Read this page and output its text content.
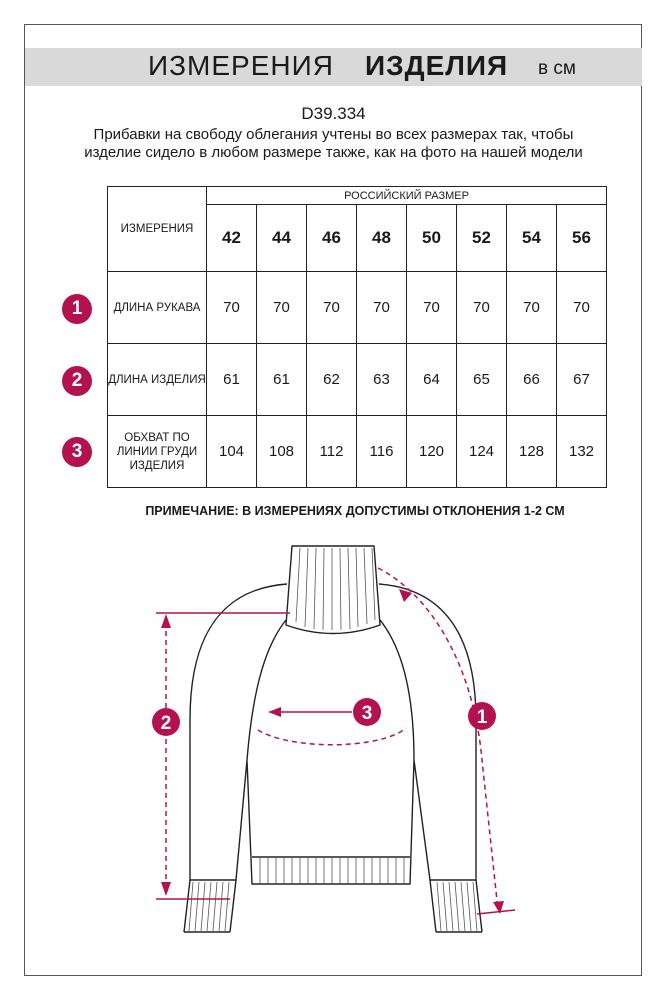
ИЗМЕРЕНИЯ ИЗДЕЛИЯ в см
D39.334
Прибавки на свободу облегания учтены во всех размерах так, чтобы изделие сидело в любом размере также, как на фото на нашей модели
ИЗМЕРЕНИЯ	РОССИЙСКИЙ РАЗМЕР							
	42	44	46	48	50	52	54	56
ДЛИНА РУКАВА	70	70	70	70	70	70	70	70
ДЛИНА ИЗДЕЛИЯ	61	61	62	63	64	65	66	67
ОБХВАТ ПО ЛИНИИ ГРУДИ ИЗДЕЛИЯ	104	108	112	116	120	124	128	132
1
2
3
ПРИМЕЧАНИЕ: В ИЗМЕРЕНИЯХ ДОПУСТИМЫ ОТКЛОНЕНИЯ 1-2 СМ
2	3	1
